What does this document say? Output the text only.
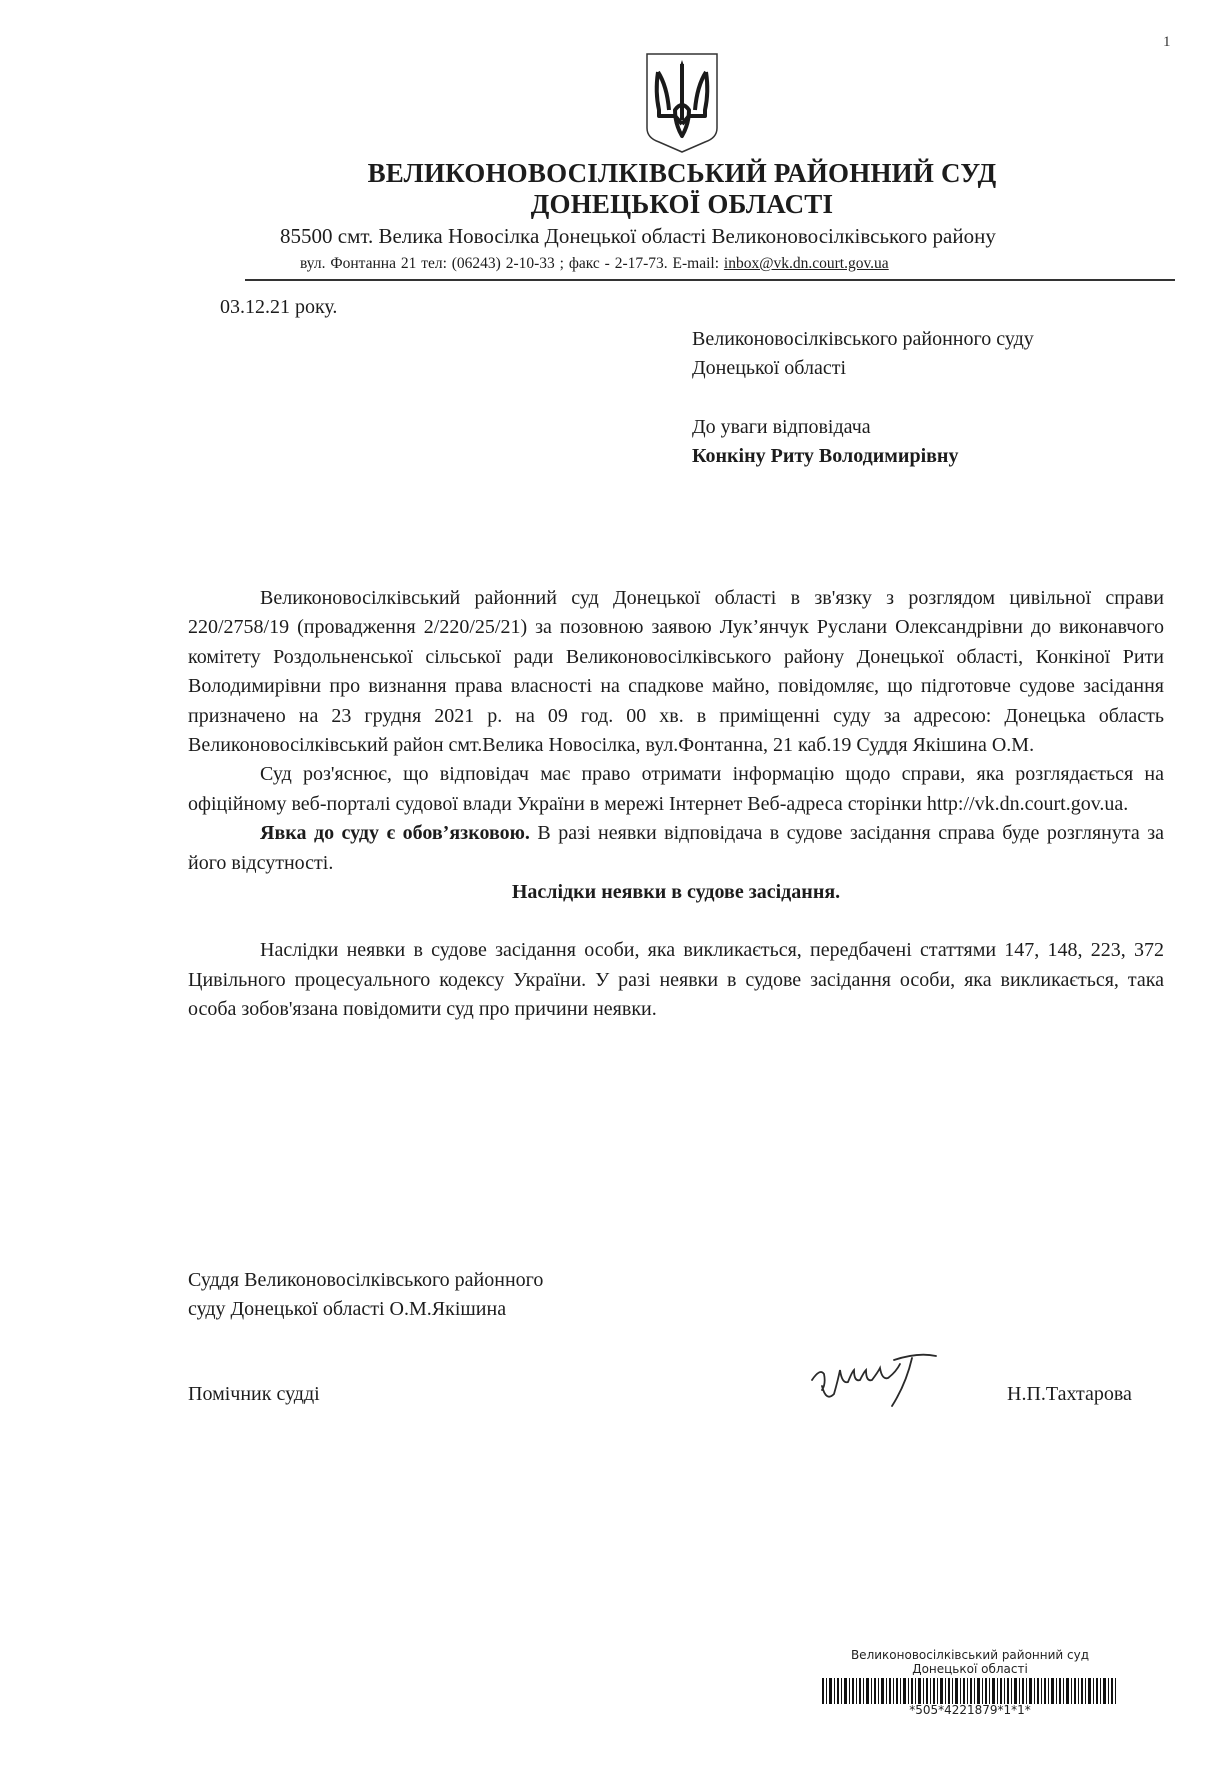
1
ВЕЛИКОНОВОСІЛКІВСЬКИЙ РАЙОННИЙ СУД
ДОНЕЦЬКОЇ ОБЛАСТІ
85500 смт. Велика Новосілка Донецької області Великоновосілківського району
вул. Фонтанна 21 тел: (06243) 2-10-33 ; факс - 2-17-73. E-mail: inbox@vk.dn.court.gov.ua
03.12.21 року.
Великоновосілківського районного суду
Донецької області
До уваги відповідача
Конкіну Риту Володимирівну

Великоновосілківський районний суд Донецької області в зв'язку з розглядом цивільної справи 220/2758/19 (провадження 2/220/25/21) за позовною заявою Лук’янчук Руслани Олександрівни до виконавчого комітету Роздольненської сільської ради Великоновосілківського району Донецької області, Конкіної Рити Володимирівни про визнання права власності на спадкове майно, повідомляє, що підготовче судове засідання призначено на 23 грудня 2021 р. на 09 год. 00 хв. в приміщенні суду за адресою: Донецька область Великоновосілківський район смт.Велика Новосілка, вул.Фонтанна, 21 каб.19 Суддя Якішина О.М.

Суд роз'яснює, що відповідач має право отримати інформацію щодо справи, яка розглядається на офіційному веб-порталі судової влади України в мережі Інтернет Веб-адреса сторінки http://vk.dn.court.gov.ua.

Явка до суду є обов’язковою. В разі неявки відповідача в судове засідання справа буде розглянута за його відсутності.

Наслідки неявки в судове засідання.

Наслідки неявки в судове засідання особи, яка викликається, передбачені статтями 147, 148, 223, 372 Цивільного процесуального кодексу України. У разі неявки в судове засідання особи, яка викликається, така особа зобов'язана повідомити суд про причини неявки.

Суддя Великоновосілківського районного
суду Донецької області О.М.Якішина
Помічник судді	Н.П.Тахтарова
Великоновосілківський районний суд
Донецької області
*505*4221879*1*1*
